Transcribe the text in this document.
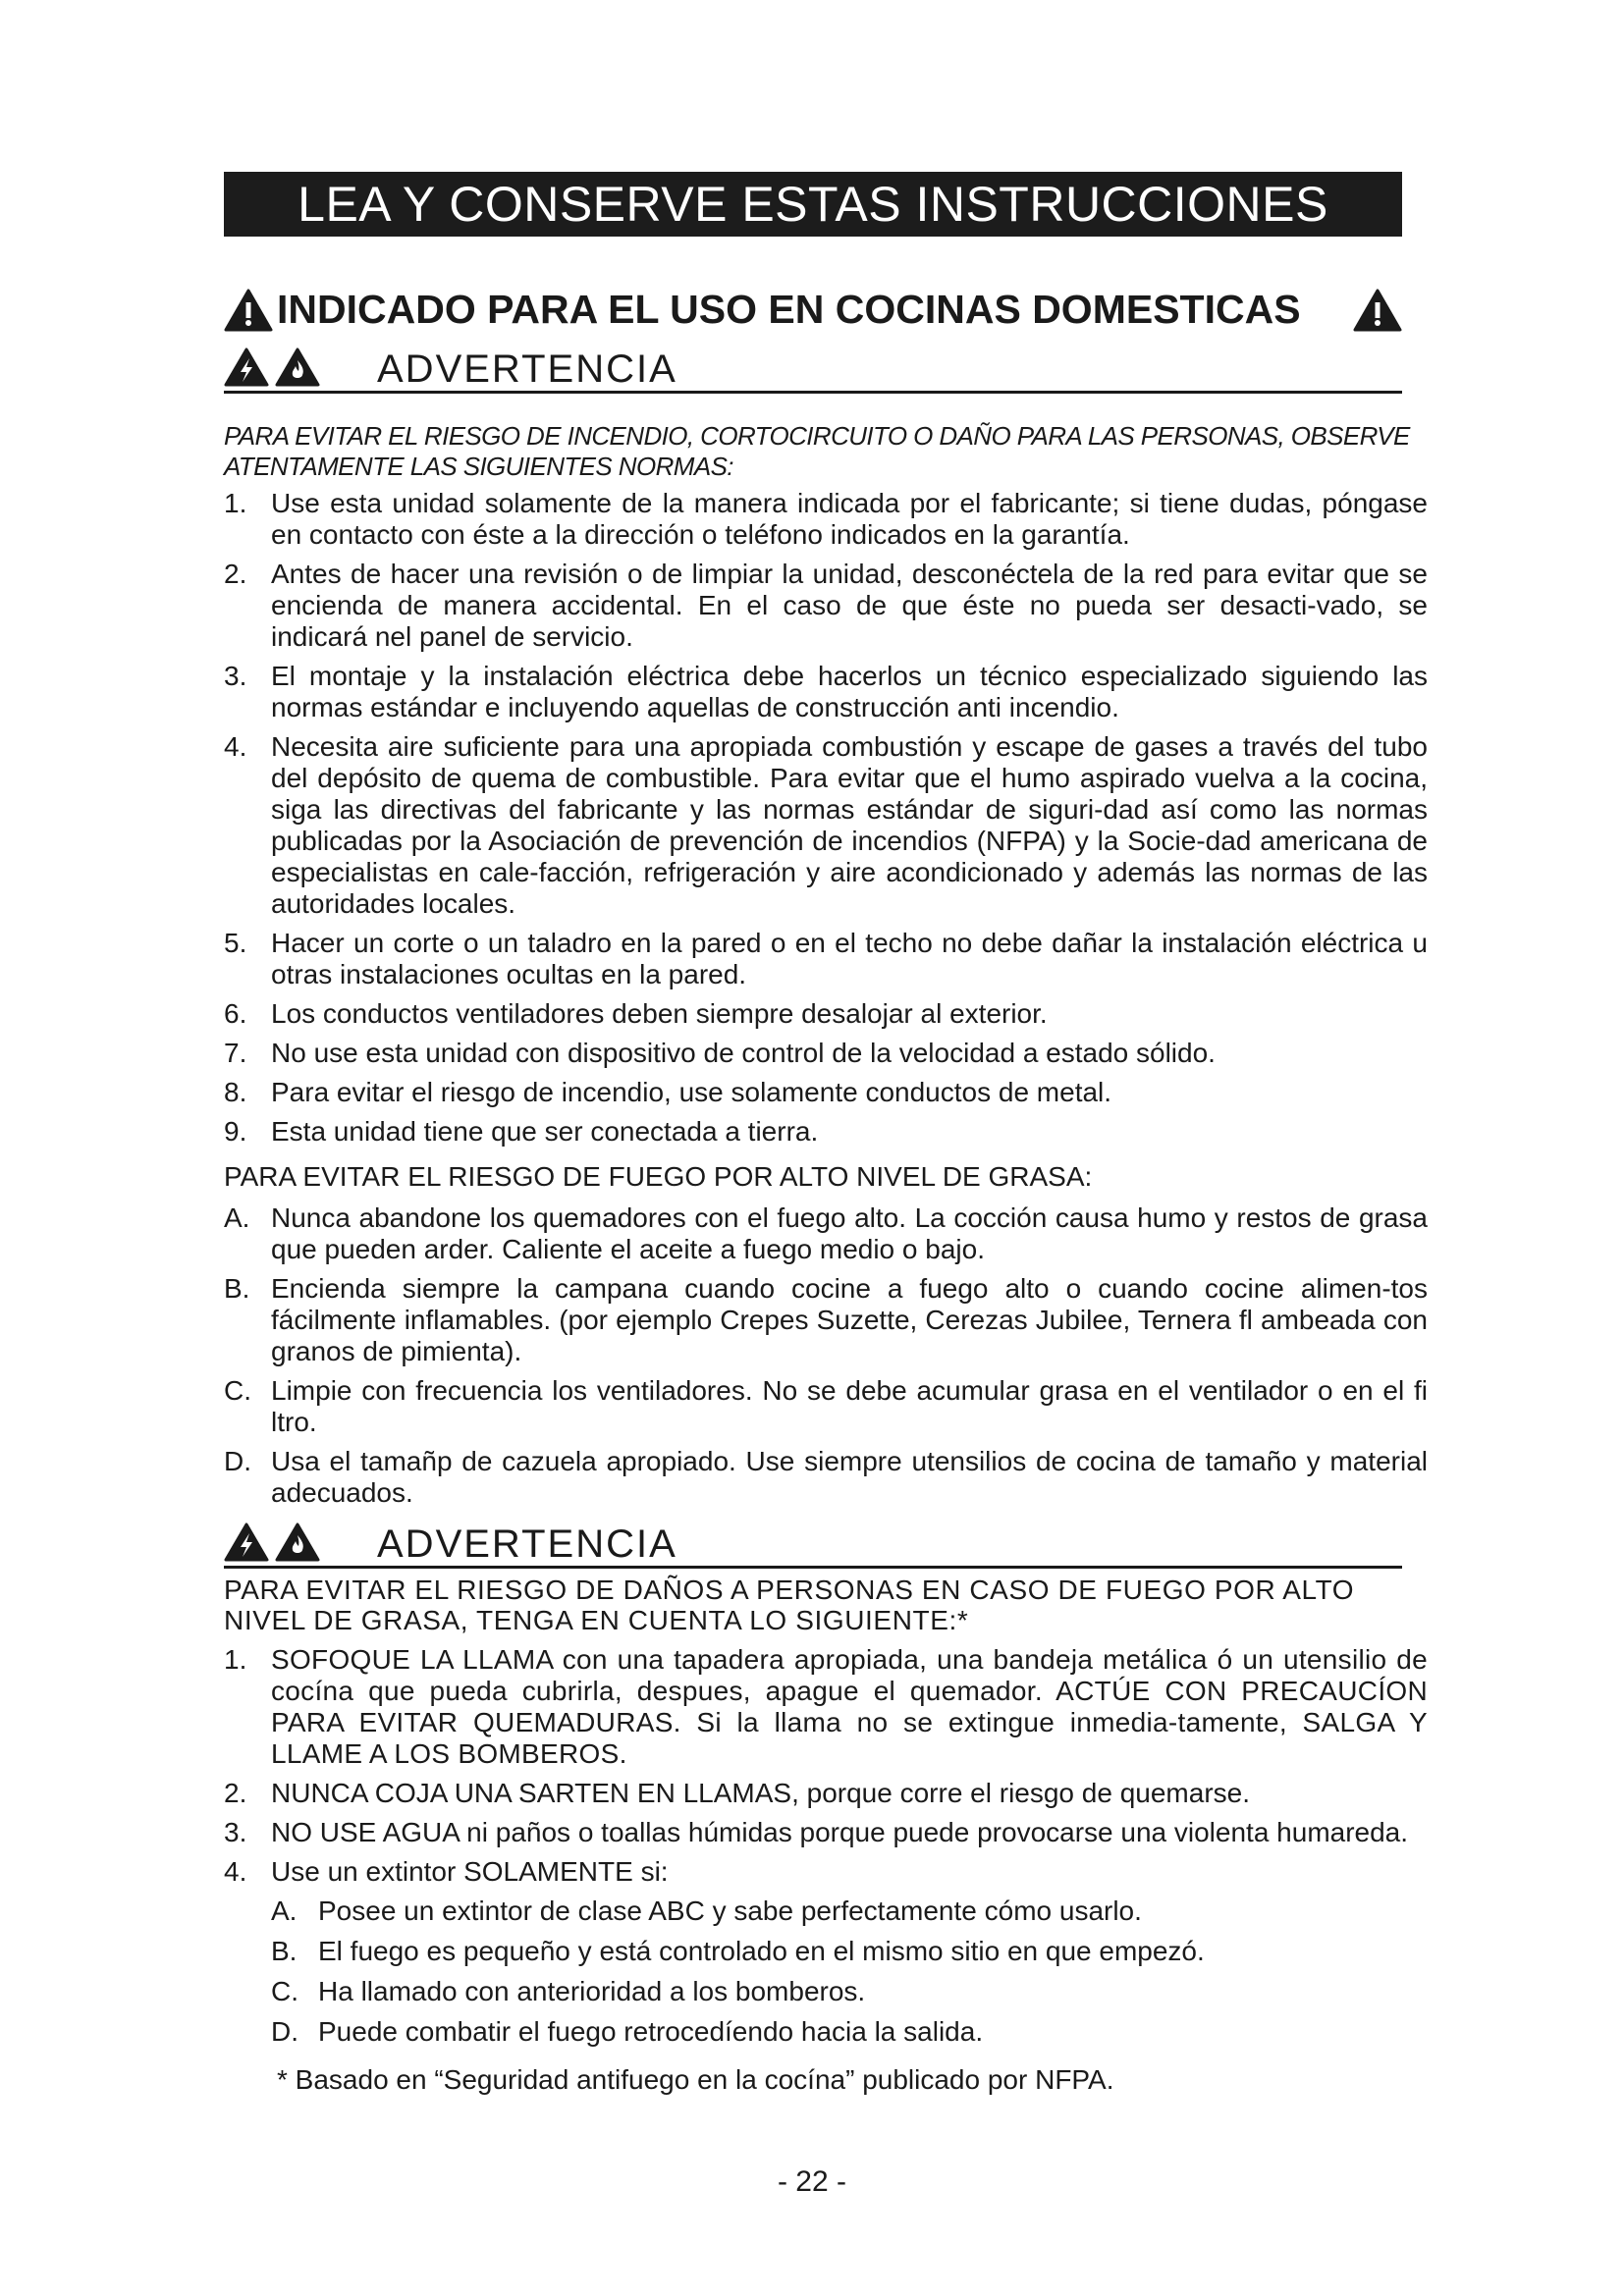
LEA Y CONSERVE ESTAS INSTRUCCIONES
INDICADO PARA EL USO EN COCINAS DOMESTICAS
ADVERTENCIA
PARA EVITAR EL RIESGO DE INCENDIO, CORTOCIRCUITO O DAÑO PARA LAS PERSONAS, OBSERVE ATENTAMENTE LAS SIGUIENTES NORMAS:
1. Use esta unidad solamente de la manera indicada por el fabricante; si tiene dudas, póngase en contacto con éste a la dirección o teléfono indicados en la garantía.
2. Antes de hacer una revisión o de limpiar la unidad, desconéctela de la red para evitar que se encienda de manera accidental. En el caso de que éste no pueda ser desacti-vado, se indicará nel panel de servicio.
3. El montaje y la instalación eléctrica debe hacerlos un técnico especializado siguiendo las normas estándar e incluyendo aquellas de construcción anti incendio.
4. Necesita aire suficiente para una apropiada combustión y escape de gases a través del tubo del depósito de quema de combustible. Para evitar que el humo aspirado vuelva a la cocina, siga las directivas del fabricante y las normas estándar de siguri-dad así como las normas publicadas por la Asociación de prevención de incendios (NFPA) y la Socie-dad americana de especialistas en cale-facción, refrigeración y aire acondicionado y además las normas de las autoridades locales.
5. Hacer un corte o un taladro en la pared o en el techo no debe dañar la instalación eléctrica u otras instalaciones ocultas en la pared.
6. Los conductos ventiladores deben siempre desalojar al exterior.
7. No use esta unidad con dispositivo de control de la velocidad a estado sólido.
8. Para evitar el riesgo de incendio, use solamente conductos de metal.
9. Esta unidad tiene que ser conectada a tierra.
PARA EVITAR EL RIESGO DE FUEGO POR ALTO NIVEL DE GRASA:
A. Nunca abandone los quemadores con el fuego alto. La cocción causa humo y restos de grasa que pueden arder. Caliente el aceite a fuego medio o bajo.
B. Encienda siempre la campana cuando cocine a fuego alto o cuando cocine alimen-tos fácilmente inflamables. (por ejemplo Crepes Suzette, Cerezas Jubilee, Ternera fl ambeada con granos de pimienta).
C. Limpie con frecuencia los ventiladores. No se debe acumular grasa en el ventilador o en el fi ltro.
D. Usa el tamañp de cazuela apropiado. Use siempre utensilios de cocina de tamaño y material adecuados.
ADVERTENCIA
PARA EVITAR EL RIESGO DE DAÑOS A PERSONAS EN CASO DE FUEGO POR ALTO NIVEL DE GRASA, TENGA EN CUENTA LO SIGUIENTE:*
1. SOFOQUE LA LLAMA con una tapadera apropiada, una bandeja metálica ó un utensilio de cocína que pueda cubrirla, despues, apague el quemador. ACTÚE CON PRECAUCÍON PARA EVITAR QUEMADURAS. Si la llama no se extingue inmedia-tamente, SALGA Y LLAME A LOS BOMBEROS.
2. NUNCA COJA UNA SARTEN EN LLAMAS, porque corre el riesgo de quemarse.
3. NO USE AGUA ni paños o toallas húmidas porque puede provocarse una violenta humareda.
4. Use un extintor SOLAMENTE si:
A. Posee un extintor de clase ABC y sabe perfectamente cómo usarlo.
B. El fuego es pequeño y está controlado en el mismo sitio en que empezó.
C. Ha llamado con anterioridad a los bomberos.
D. Puede combatir el fuego retrocedíendo hacia la salida.
* Basado en “Seguridad antifuego en la cocína” publicado por NFPA.
- 22 -
